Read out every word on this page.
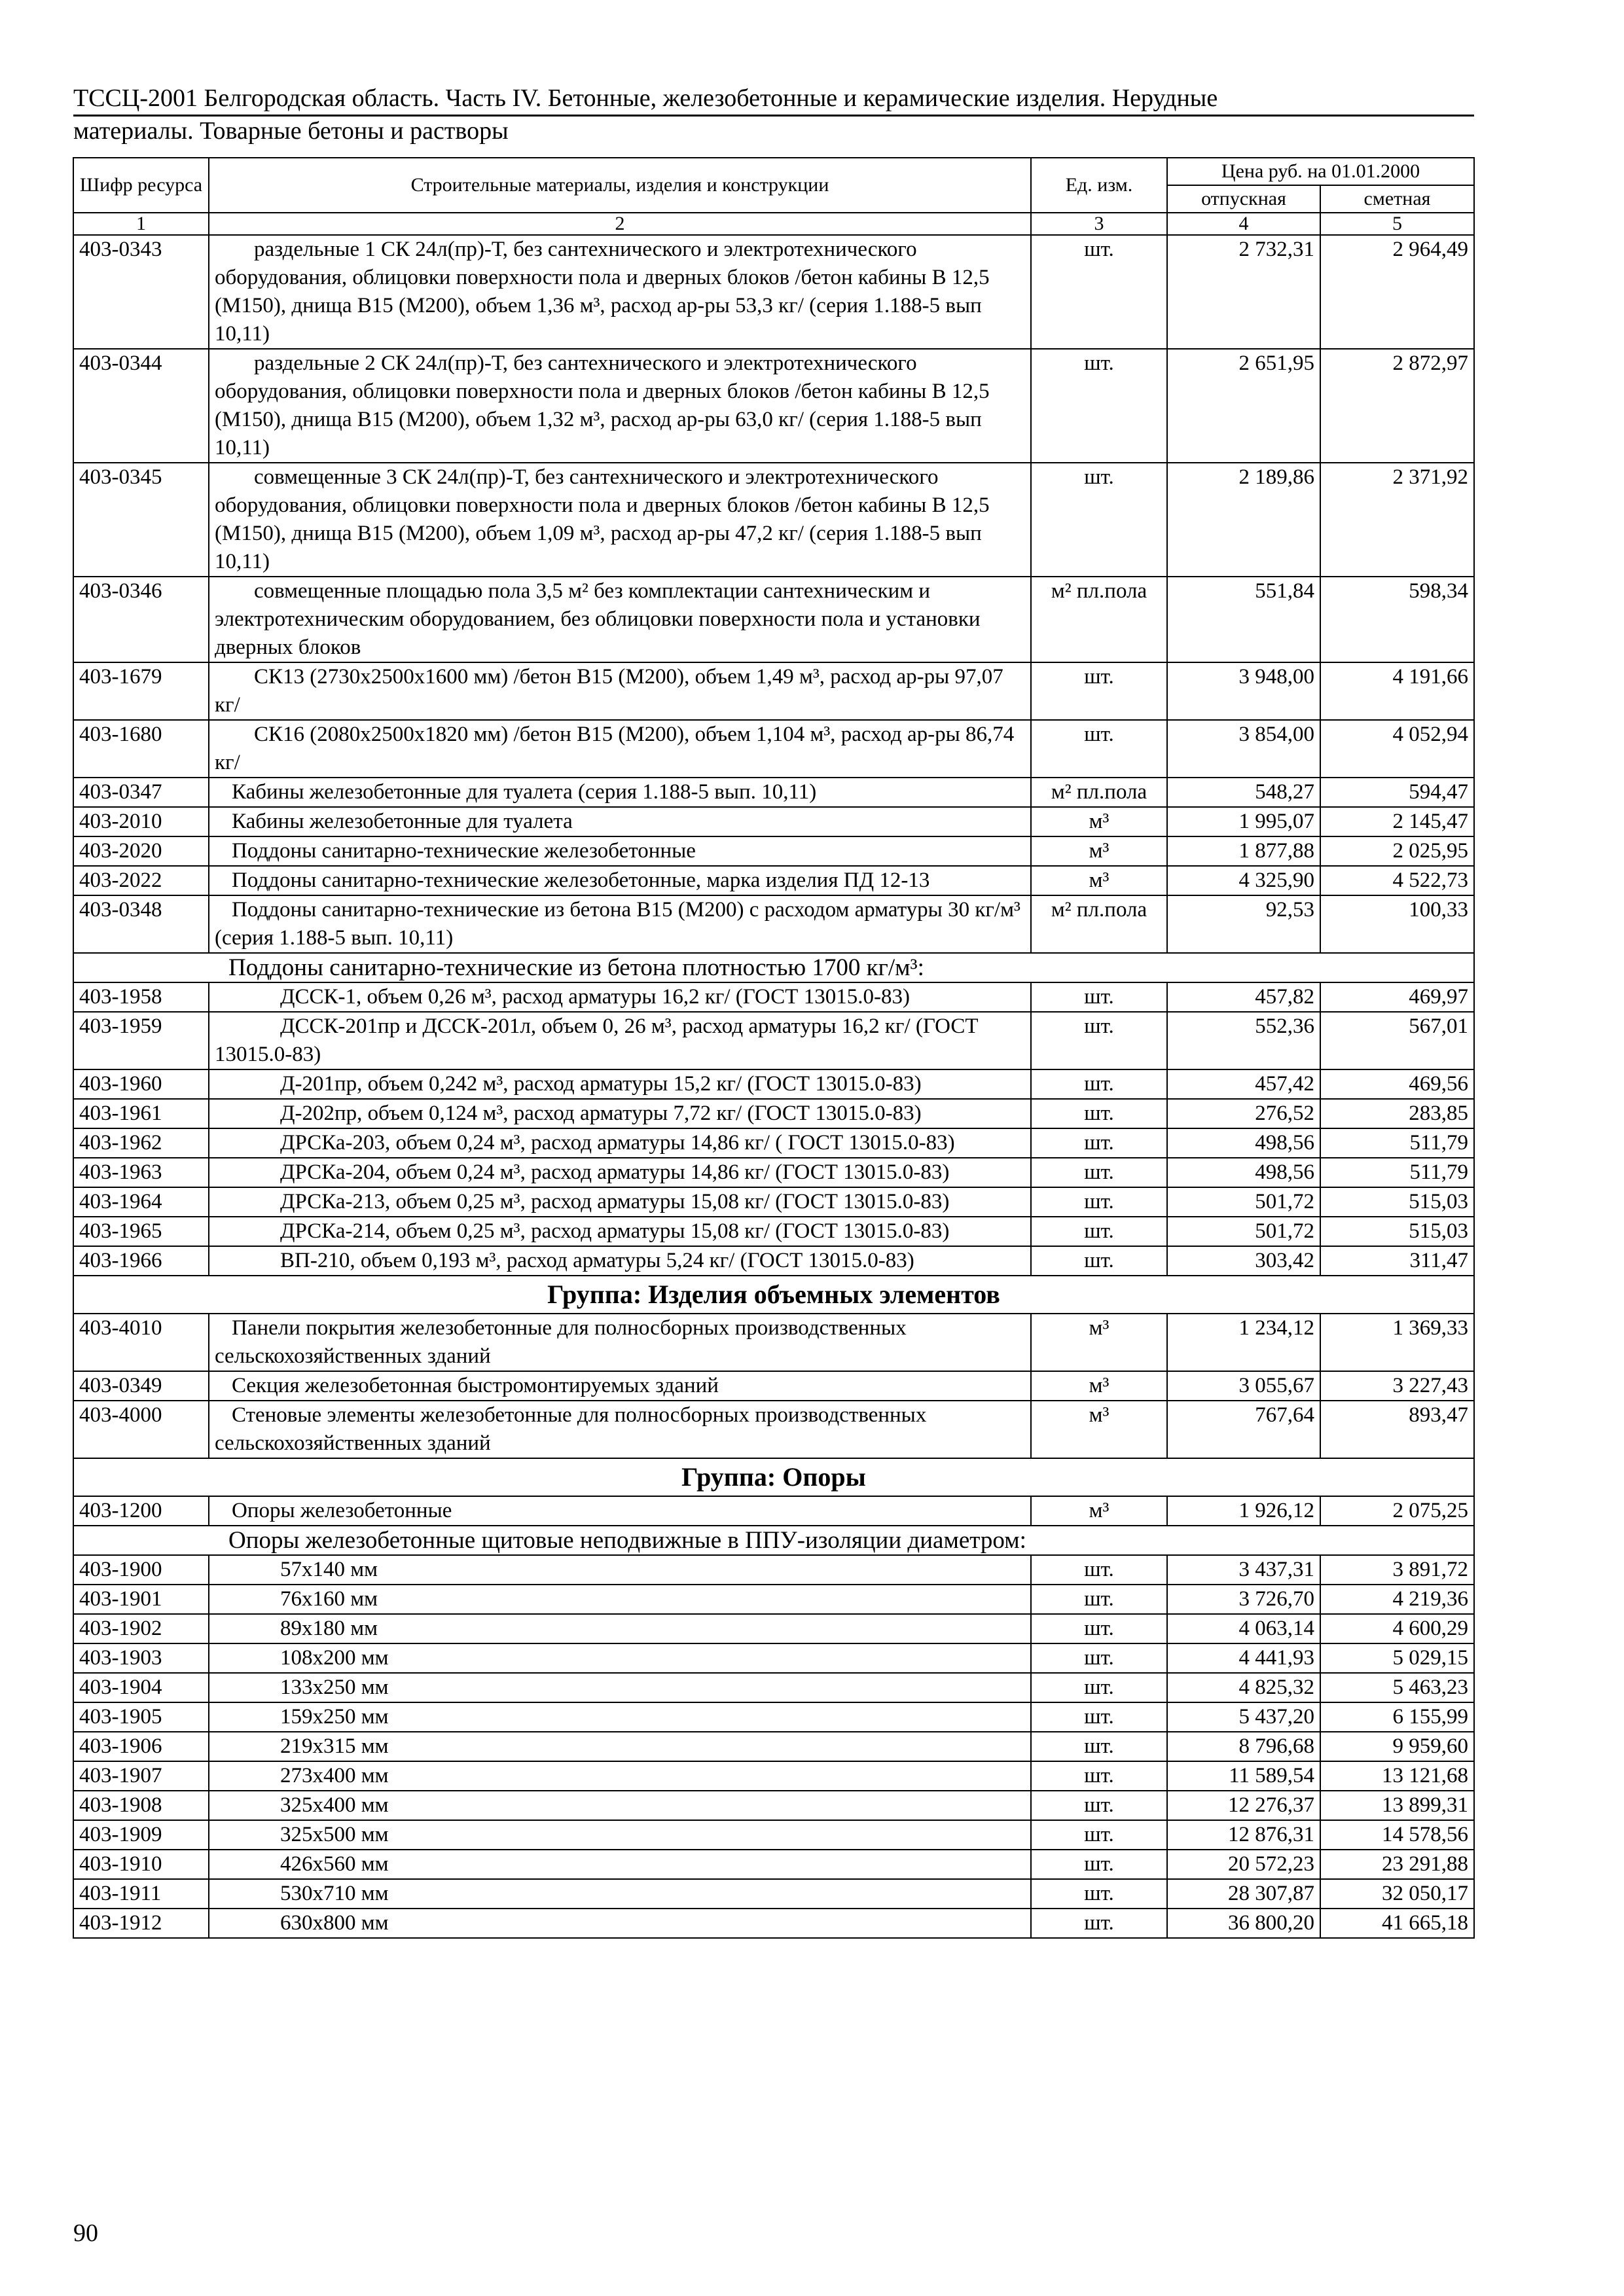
ТССЦ-2001 Белгородская область. Часть IV. Бетонные, железобетонные и керамические изделия. Нерудные
материалы. Товарные бетоны и растворы
Шифр ресурса	Строительные материалы, изделия и конструкции	Ед. изм.	Цена руб. на 01.01.2000	
			отпускная	сметная
1	2	3	4	5
403-0343	раздельные 1 СК 24л(пр)-Т, без сантехнического и электротехнического оборудования, облицовки поверхности пола и дверных блоков /бетон кабины В 12,5 (М150), днища В15 (М200), объем 1,36 м³, расход ар-ры 53,3 кг/ (серия 1.188-5 вып 10,11)	шт.	2 732,31	2 964,49
403-0344	раздельные 2 СК 24л(пр)-Т, без сантехнического и электротехнического оборудования, облицовки поверхности пола и дверных блоков /бетон кабины В 12,5 (М150), днища В15 (М200), объем 1,32 м³, расход ар-ры 63,0 кг/ (серия 1.188-5 вып 10,11)	шт.	2 651,95	2 872,97
403-0345	совмещенные 3 СК 24л(пр)-Т, без сантехнического и электротехнического оборудования, облицовки поверхности пола и дверных блоков /бетон кабины В 12,5 (М150), днища В15 (М200), объем 1,09 м³, расход ар-ры 47,2 кг/ (серия 1.188-5 вып 10,11)	шт.	2 189,86	2 371,92
403-0346	совмещенные площадью пола 3,5 м² без комплектации сантехническим и электротехническим оборудованием, без облицовки поверхности пола и установки дверных блоков	м² пл.пола	551,84	598,34
403-1679	СК13 (2730х2500х1600 мм) /бетон В15 (М200), объем 1,49 м³, расход ар-ры 97,07 кг/	шт.	3 948,00	4 191,66
403-1680	СК16 (2080х2500х1820 мм) /бетон В15 (М200), объем 1,104 м³, расход ар-ры 86,74 кг/	шт.	3 854,00	4 052,94
403-0347	Кабины железобетонные для туалета (серия 1.188-5 вып. 10,11)	м² пл.пола	548,27	594,47
403-2010	Кабины железобетонные для туалета	м³	1 995,07	2 145,47
403-2020	Поддоны санитарно-технические железобетонные	м³	1 877,88	2 025,95
403-2022	Поддоны санитарно-технические железобетонные, марка изделия ПД 12-13	м³	4 325,90	4 522,73
403-0348	Поддоны санитарно-технические из бетона В15 (М200) с расходом арматуры 30 кг/м³ (серия 1.188-5 вып. 10,11)	м² пл.пола	92,53	100,33
Поддоны санитарно-технические из бетона плотностью 1700 кг/м³:				
403-1958	ДССК-1, объем 0,26 м³, расход арматуры 16,2 кг/ (ГОСТ 13015.0-83)	шт.	457,82	469,97
403-1959	ДССК-201пр и ДССК-201л, объем 0, 26 м³, расход арматуры 16,2 кг/ (ГОСТ 13015.0-83)	шт.	552,36	567,01
403-1960	Д-201пр, объем 0,242 м³, расход арматуры 15,2 кг/ (ГОСТ 13015.0-83)	шт.	457,42	469,56
403-1961	Д-202пр, объем 0,124 м³, расход арматуры 7,72 кг/ (ГОСТ 13015.0-83)	шт.	276,52	283,85
403-1962	ДРСКа-203, объем 0,24 м³, расход арматуры 14,86 кг/ ( ГОСТ 13015.0-83)	шт.	498,56	511,79
403-1963	ДРСКа-204, объем 0,24 м³, расход арматуры 14,86 кг/ (ГОСТ 13015.0-83)	шт.	498,56	511,79
403-1964	ДРСКа-213, объем 0,25 м³, расход арматуры 15,08 кг/ (ГОСТ 13015.0-83)	шт.	501,72	515,03
403-1965	ДРСКа-214, объем 0,25 м³, расход арматуры 15,08 кг/ (ГОСТ 13015.0-83)	шт.	501,72	515,03
403-1966	ВП-210, объем 0,193 м³, расход арматуры 5,24 кг/ (ГОСТ 13015.0-83)	шт.	303,42	311,47
Группа: Изделия объемных элементов				
403-4010	Панели покрытия железобетонные для полносборных производственных сельскохозяйственных зданий	м³	1 234,12	1 369,33
403-0349	Секция железобетонная быстромонтируемых зданий	м³	3 055,67	3 227,43
403-4000	Стеновые элементы железобетонные для полносборных производственных сельскохозяйственных зданий	м³	767,64	893,47
Группа: Опоры				
403-1200	Опоры железобетонные	м³	1 926,12	2 075,25
Опоры железобетонные щитовые неподвижные в ППУ-изоляции диаметром:				
403-1900	57х140 мм	шт.	3 437,31	3 891,72
403-1901	76х160 мм	шт.	3 726,70	4 219,36
403-1902	89х180 мм	шт.	4 063,14	4 600,29
403-1903	108х200 мм	шт.	4 441,93	5 029,15
403-1904	133х250 мм	шт.	4 825,32	5 463,23
403-1905	159х250 мм	шт.	5 437,20	6 155,99
403-1906	219х315 мм	шт.	8 796,68	9 959,60
403-1907	273х400 мм	шт.	11 589,54	13 121,68
403-1908	325х400 мм	шт.	12 276,37	13 899,31
403-1909	325х500 мм	шт.	12 876,31	14 578,56
403-1910	426х560 мм	шт.	20 572,23	23 291,88
403-1911	530х710 мм	шт.	28 307,87	32 050,17
403-1912	630х800 мм	шт.	36 800,20	41 665,18
90
